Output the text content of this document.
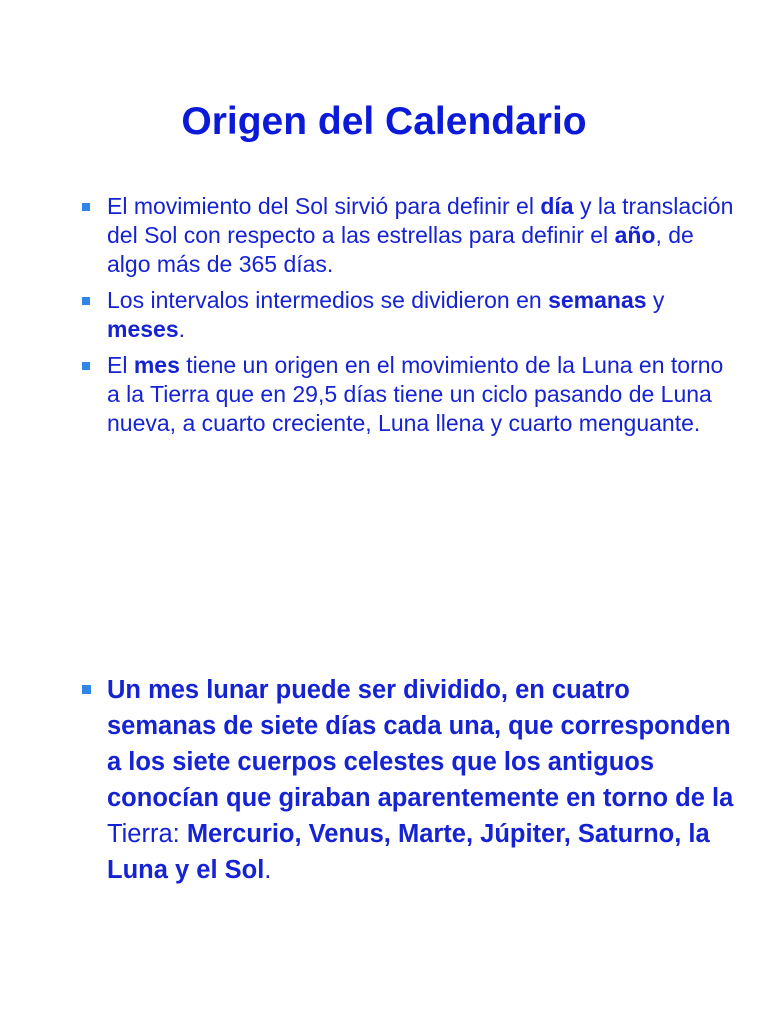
Origen del Calendario
El movimiento del Sol sirvió para definir el día y la translación del Sol con respecto a las estrellas para definir el año, de algo más de 365 días.
Los intervalos intermedios se dividieron en semanas y meses.
El mes tiene un origen en el movimiento de la Luna en torno a la Tierra que en 29,5 días tiene un ciclo pasando de Luna nueva, a cuarto creciente, Luna llena y cuarto menguante.
Un mes lunar puede ser dividido, en cuatro semanas de siete días cada una, que corresponden a los siete cuerpos celestes que los antiguos conocían que giraban aparentemente en torno de la Tierra: Mercurio, Venus, Marte, Júpiter, Saturno, la Luna y el Sol.
